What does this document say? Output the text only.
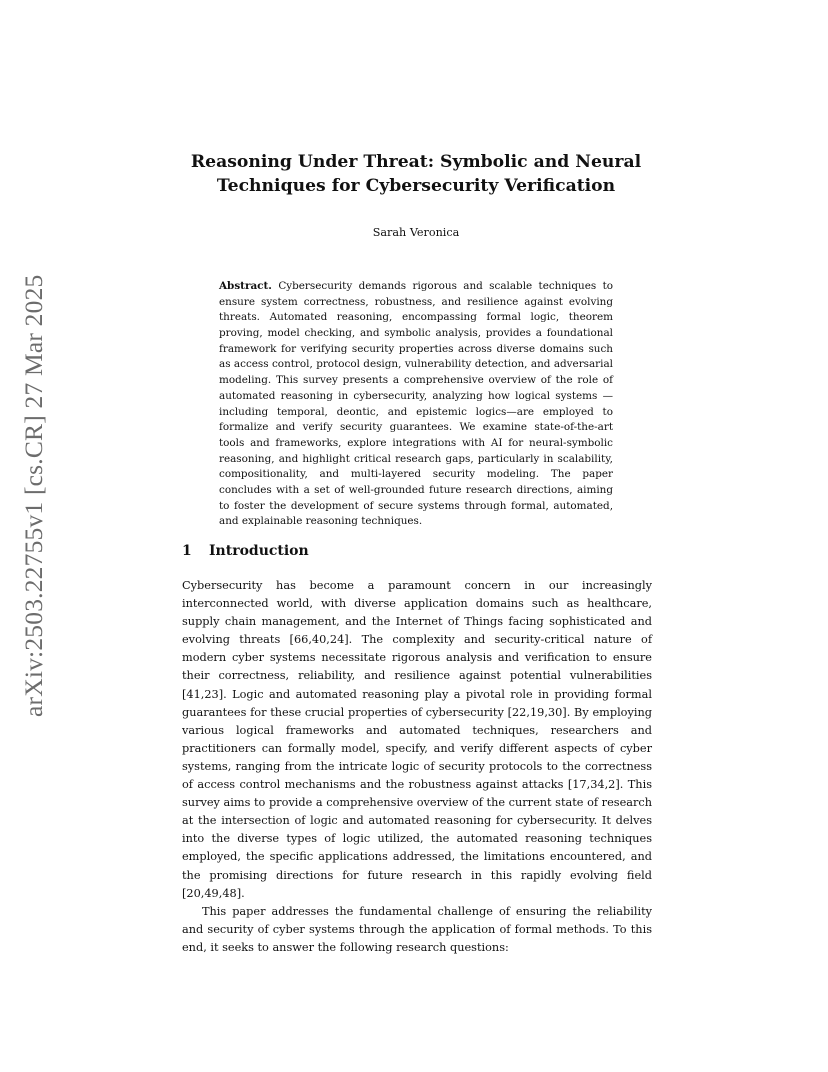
arXiv:2503.22755v1 [cs.CR] 27 Mar 2025
Reasoning Under Threat: Symbolic and Neural
Techniques for Cybersecurity Verification
Sarah Veronica
Abstract. Cybersecurity demands rigorous and scalable techniques to ensure system correctness, robustness, and resilience against evolving threats. Automated reasoning, encompassing formal logic, theorem proving, model checking, and symbolic analysis, provides a foundational framework for verifying security properties across diverse domains such as access control, protocol design, vulnerability detection, and adversarial modeling. This survey presents a comprehensive overview of the role of automated reasoning in cybersecurity, analyzing how logical systems — including temporal, deontic, and epistemic logics—are employed to formalize and verify security guarantees. We examine state-of-the-art tools and frameworks, explore integrations with AI for neural-symbolic reasoning, and highlight critical research gaps, particularly in scalability, compositionality, and multi-layered security modeling. The paper concludes with a set of well-grounded future research directions, aiming to foster the development of secure systems through formal, automated, and explainable reasoning techniques.
1 Introduction

Cybersecurity has become a paramount concern in our increasingly interconnected world, with diverse application domains such as healthcare, supply chain management, and the Internet of Things facing sophisticated and evolving threats [66,40,24]. The complexity and security-critical nature of modern cyber systems necessitate rigorous analysis and verification to ensure their correctness, reliability, and resilience against potential vulnerabilities [41,23]. Logic and automated reasoning play a pivotal role in providing formal guarantees for these crucial properties of cybersecurity [22,19,30]. By employing various logical frameworks and automated techniques, researchers and practitioners can formally model, specify, and verify different aspects of cyber systems, ranging from the intricate logic of security protocols to the correctness of access control mechanisms and the robustness against attacks [17,34,2]. This survey aims to provide a comprehensive overview of the current state of research at the intersection of logic and automated reasoning for cybersecurity. It delves into the diverse types of logic utilized, the automated reasoning techniques employed, the specific applications addressed, the limitations encountered, and the promising directions for future research in this rapidly evolving field [20,49,48].

This paper addresses the fundamental challenge of ensuring the reliability and security of cyber systems through the application of formal methods. To this end, it seeks to answer the following research questions:
